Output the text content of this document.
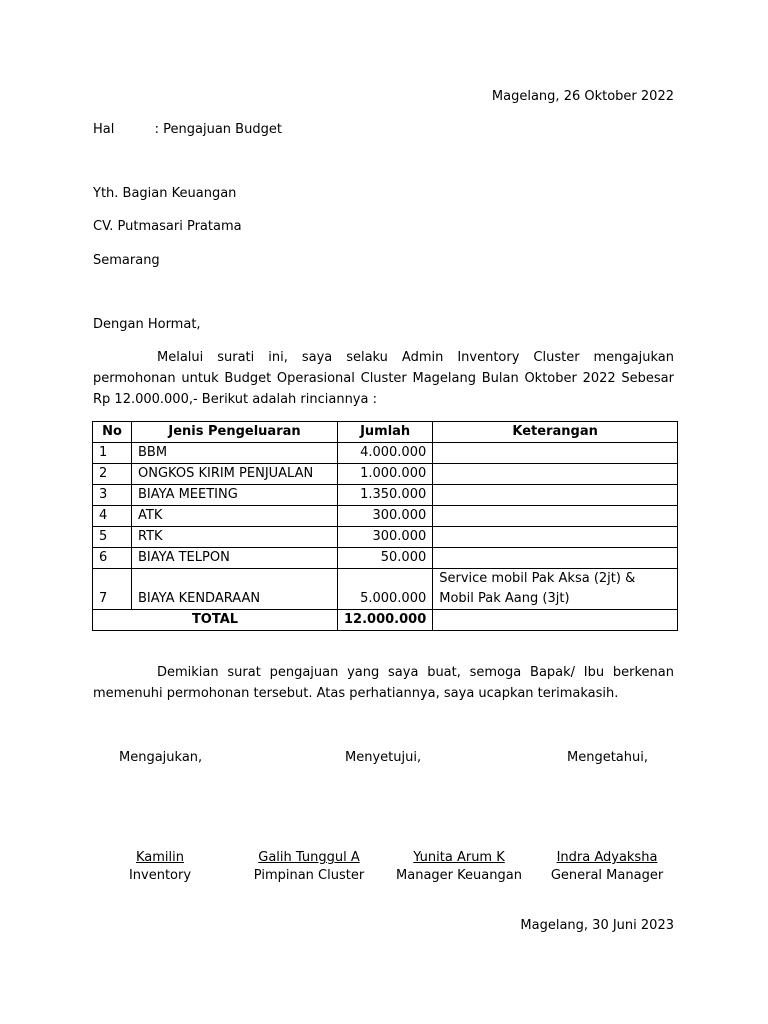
Magelang, 26 Oktober 2022
Hal	: Pengajuan Budget
Yth. Bagian Keuangan
CV. Putmasari Pratama
Semarang
Dengan Hormat,
Melalui surati ini, saya selaku Admin Inventory Cluster mengajukan permohonan untuk Budget Operasional Cluster Magelang Bulan Oktober 2022 Sebesar Rp 12.000.000,- Berikut adalah rinciannya :
No	Jenis Pengeluaran	Jumlah	Keterangan
1	BBM	4.000.000	
2	ONGKOS KIRIM PENJUALAN	1.000.000	
3	BIAYA MEETING	1.350.000	
4	ATK	300.000	
5	RTK	300.000	
6	BIAYA TELPON	50.000	
7	BIAYA KENDARAAN	5.000.000	Service mobil Pak Aksa (2jt) & Mobil Pak Aang (3jt)
TOTAL		12.000.000	
Demikian surat pengajuan yang saya buat, semoga Bapak/ Ibu berkenan memenuhi permohonan tersebut. Atas perhatiannya, saya ucapkan terimakasih.
Mengajukan,	Menyetujui,	Mengetahui,
Kamilin
Inventory
Galih Tunggul A
Pimpinan Cluster
Yunita Arum K
Manager Keuangan
Indra Adyaksha
General Manager
Magelang, 30 Juni 2023
